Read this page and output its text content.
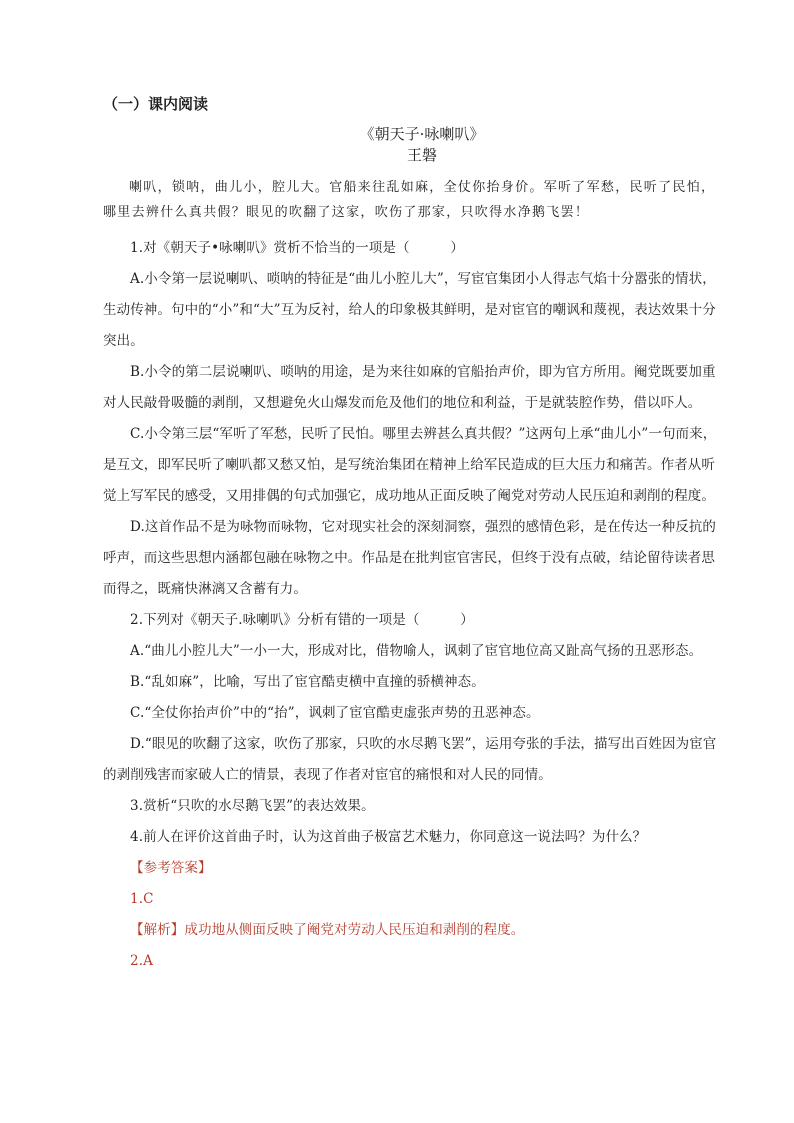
（一）课内阅读

《朝天子·咏喇叭》

王磐

喇叭，锁呐，曲儿小，腔儿大。官船来往乱如麻，全仗你抬身价。军听了军愁，民听了民怕，哪里去辨什么真共假？眼见的吹翻了这家，吹伤了那家，只吹得水净鹅飞罢！

1.对《朝天子•咏喇叭》赏析不恰当的一项是（　　　）

A.小令第一层说喇叭、唢呐的特征是“曲儿小腔儿大”，写宦官集团小人得志气焰十分嚣张的情状，生动传神。句中的“小”和“大”互为反衬，给人的印象极其鲜明，是对宦官的嘲讽和蔑视，表达效果十分突出。

B.小令的第二层说喇叭、唢呐的用途，是为来往如麻的官船抬声价，即为官方所用。阉党既要加重对人民敲骨吸髓的剥削，又想避免火山爆发而危及他们的地位和利益，于是就装腔作势，借以吓人。

C.小令第三层“军听了军愁，民听了民怕。哪里去辨甚么真共假？”这两句上承“曲儿小”一句而来，是互文，即军民听了喇叭都又愁又怕，是写统治集团在精神上给军民造成的巨大压力和痛苦。作者从听觉上写军民的感受，又用排偶的句式加强它，成功地从正面反映了阉党对劳动人民压迫和剥削的程度。

D.这首作品不是为咏物而咏物，它对现实社会的深刻洞察，强烈的感情色彩，是在传达一种反抗的呼声，而这些思想内涵都包融在咏物之中。作品是在批判宦官害民，但终于没有点破，结论留待读者思而得之，既痛快淋漓又含蓄有力。

2.下列对《朝天子.咏喇叭》分析有错的一项是（　　　）

A.“曲儿小腔儿大”一小一大，形成对比，借物喻人，讽刺了宦官地位高又趾高气扬的丑恶形态。

B.“乱如麻”，比喻，写出了宦官酷吏横中直撞的骄横神态。

C.“全仗你抬声价”中的“抬”，讽刺了宦官酷吏虚张声势的丑恶神态。

D.“眼见的吹翻了这家，吹伤了那家，只吹的水尽鹅飞罢”，运用夸张的手法，描写出百姓因为宦官的剥削残害而家破人亡的情景，表现了作者对宦官的痛恨和对人民的同情。

3.赏析“只吹的水尽鹅飞罢”的表达效果。

4.前人在评价这首曲子时，认为这首曲子极富艺术魅力，你同意这一说法吗？为什么？

【参考答案】

1.C

【解析】成功地从侧面反映了阉党对劳动人民压迫和剥削的程度。

2.A
